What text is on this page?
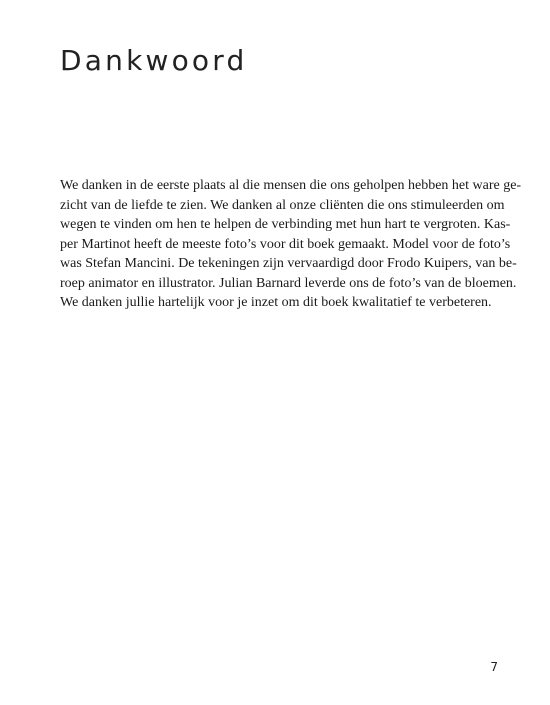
Dankwoord

We danken in de eerste plaats al die mensen die ons geholpen hebben het ware ge-
zicht van de liefde te zien. We danken al onze cliënten die ons stimuleerden om
wegen te vinden om hen te helpen de verbinding met hun hart te vergroten. Kas-
per Martinot heeft de meeste foto’s voor dit boek gemaakt. Model voor de foto’s
was Stefan Mancini. De tekeningen zijn vervaardigd door Frodo Kuipers, van be-
roep animator en illustrator. Julian Barnard leverde ons de foto’s van de bloemen.
We danken jullie hartelijk voor je inzet om dit boek kwalitatief te verbeteren.

7
